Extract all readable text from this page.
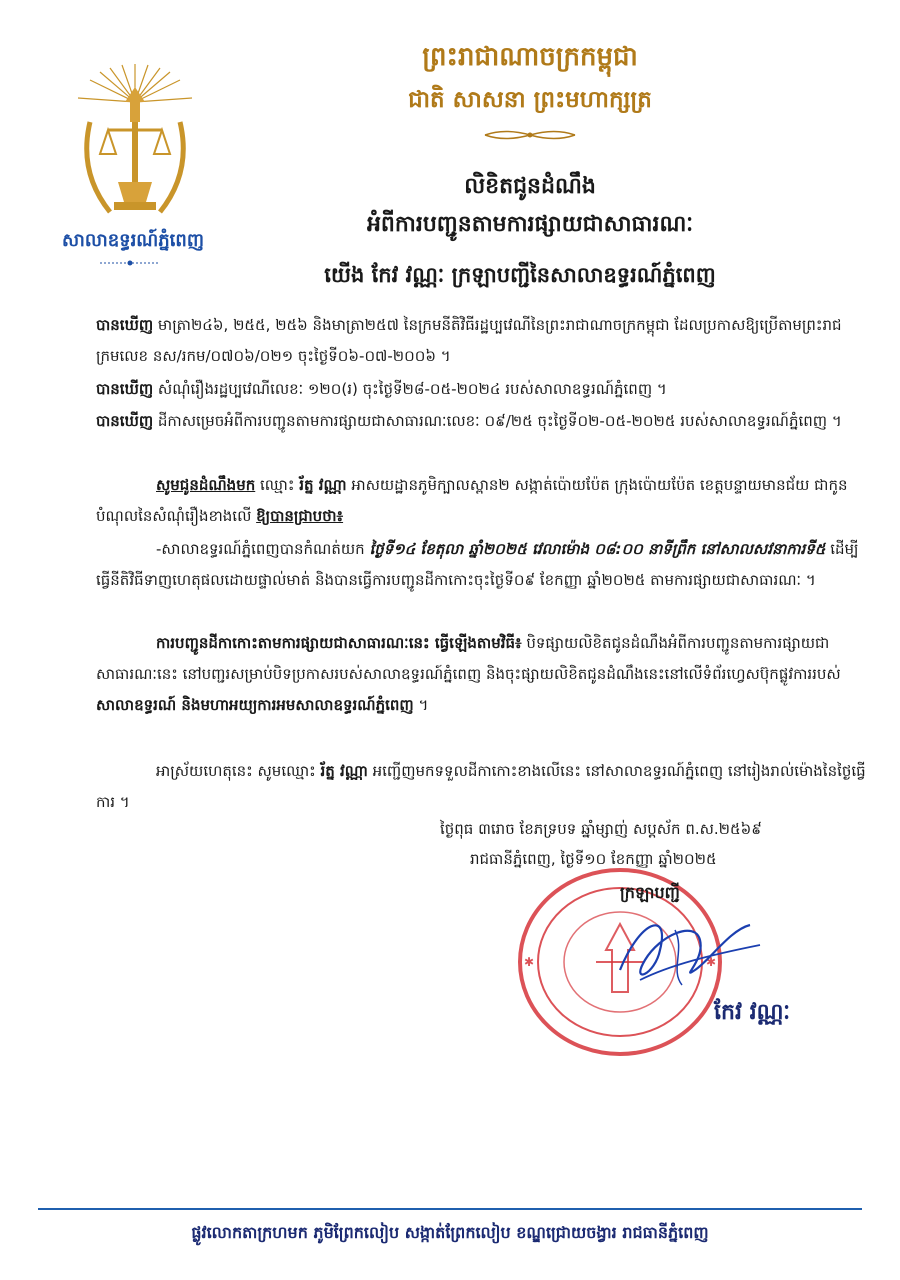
សាលាឧទ្ធរណ៍ភ្នំពេញ
ព្រះរាជាណាចក្រកម្ពុជា
ជាតិ សាសនា ព្រះមហាក្សត្រ
លិខិតជូនដំណឹង
អំពីការបញ្ជូនតាមការផ្សាយជាសាធារណៈ
យើង កែវ វណ្ណៈ ក្រឡាបញ្ជីនៃសាលាឧទ្ធរណ៍ភ្នំពេញ
បានឃើញ មាត្រា២៤៦, ២៥៥, ២៥៦ និងមាត្រា២៥៧ នៃក្រមនីតិវិធីរដ្ឋប្បវេណីនៃព្រះរាជាណាចក្រកម្ពុជា ដែលប្រកាសឱ្យប្រើតាមព្រះរាជក្រមលេខ នស/រកម/០៧០៦/០២១ ចុះថ្ងៃទី០៦-០៧-២០០៦ ។
បានឃើញ សំណុំរឿងរដ្ឋប្បវេណីលេខៈ ១២០(រ) ចុះថ្ងៃទី២៨-០៥-២០២៤ របស់សាលាឧទ្ធរណ៍ភ្នំពេញ ។
បានឃើញ ដីកាសម្រេចអំពីការបញ្ជូនតាមការផ្សាយជាសាធារណៈលេខៈ ០៩/២៥ ចុះថ្ងៃទី០២-០៥-២០២៥ របស់សាលាឧទ្ធរណ៍ភ្នំពេញ ។
សូមជូនដំណឹងមក ឈ្មោះ រ័ត្ន វណ្ណា អាសយដ្ឋានភូមិក្បាលស្ពាន២ សង្កាត់ប៉ោយប៉ែត ក្រុងប៉ោយប៉ែត ខេត្តបន្ទាយមានជ័យ ជាកូនបំណុលនៃសំណុំរឿងខាងលើ ឱ្យបានជ្រាបថា៖
-សាលាឧទ្ធរណ៍ភ្នំពេញបានកំណត់យក ថ្ងៃទី១៤ ខែតុលា ឆ្នាំ២០២៥ វេលាម៉ោង ០៨:០០ នាទីព្រឹក នៅសាលសវនាការទី៥ ដើម្បីធ្វើនីតិវិធីទាញហេតុផលដោយផ្ទាល់មាត់ និងបានធ្វើការបញ្ជូនដីកាកោះចុះថ្ងៃទី០៩ ខែកញ្ញា ឆ្នាំ២០២៥ តាមការផ្សាយជាសាធារណៈ ។
ការបញ្ជូនដីកាកោះតាមការផ្សាយជាសាធារណៈនេះ ធ្វើឡើងតាមវិធី៖ បិទផ្សាយលិខិតជូនដំណឹងអំពីការបញ្ជូនតាមការផ្សាយជាសាធារណៈនេះ នៅបញ្ជរសម្រាប់បិទប្រកាសរបស់សាលាឧទ្ធរណ៍ភ្នំពេញ និងចុះផ្សាយលិខិតជូនដំណឹងនេះនៅលើទំព័រហ្វេសប៊ុកផ្លូវការរបស់ សាលាឧទ្ធរណ៍ និងមហាអយ្យការអមសាលាឧទ្ធរណ៍ភ្នំពេញ ។
អាស្រ័យហេតុនេះ សូមឈ្មោះ រ័ត្ន វណ្ណា អញ្ជើញមកទទួលដីកាកោះខាងលើនេះ នៅសាលាឧទ្ធរណ៍ភ្នំពេញ នៅរៀងរាល់ម៉ោងនៃថ្ងៃធ្វើការ ។
ថ្ងៃពុធ ៣រោច ខែភទ្របទ ឆ្នាំម្សាញ់ សប្តស័ក ព.ស.២៥៦៩
រាជធានីភ្នំពេញ, ថ្ងៃទី១០ ខែកញ្ញា ឆ្នាំ២០២៥
✱	✱
ក្រឡាបញ្ជី
កែវ វណ្ណៈ
ផ្លូវលោកតាក្រហមក ភូមិព្រែកលៀប សង្កាត់ព្រែកលៀប ខណ្ឌជ្រោយចង្វារ រាជធានីភ្នំពេញ
